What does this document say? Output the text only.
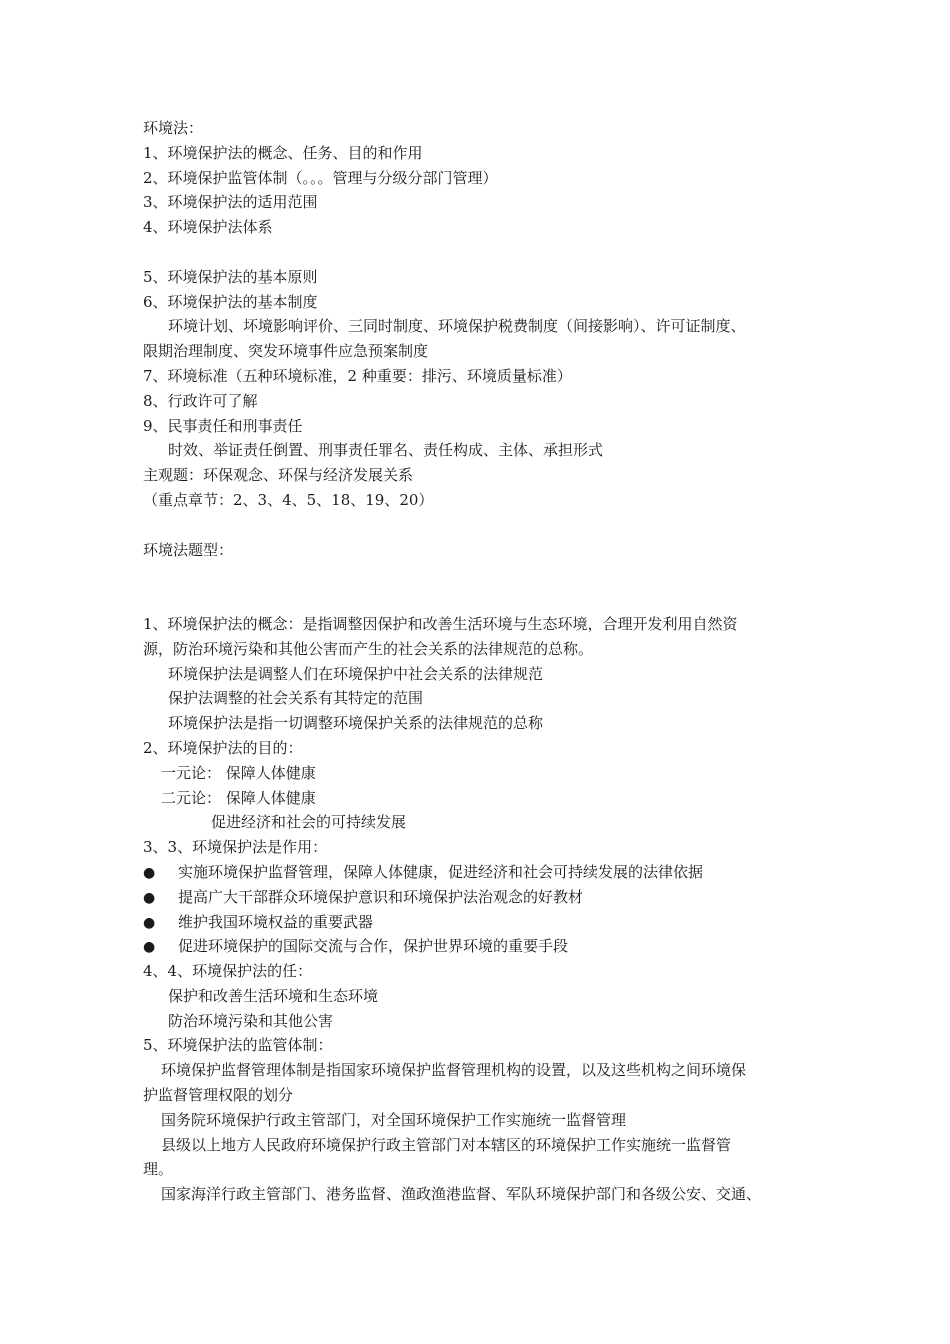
环境法：
1、环境保护法的概念、任务、目的和作用
2、环境保护监管体制（。。。管理与分级分部门管理）
3、环境保护法的适用范围
4、环境保护法体系
5、环境保护法的基本原则
6、环境保护法的基本制度
环境计划、坏境影响评价、三同时制度、环境保护税费制度（间接影响）、许可证制度、
限期治理制度、突发环境事件应急预案制度
7、环境标准（五种环境标准，2 种重要：排污、环境质量标准）
8、行政许可了解
9、民事责任和刑事责任
时效、举证责任倒置、刑事责任罪名、责任构成、主体、承担形式
主观题：环保观念、环保与经济发展关系
（重点章节：2、3、4、5、18、19、20）
环境法题型：
1、环境保护法的概念：是指调整因保护和改善生活环境与生态环境，合理开发利用自然资
源，防治环境污染和其他公害而产生的社会关系的法律规范的总称。
环境保护法是调整人们在环境保护中社会关系的法律规范
保护法调整的社会关系有其特定的范围
环境保护法是指一切调整环境保护关系的法律规范的总称
2、环境保护法的目的：
一元论： 保障人体健康
二元论： 保障人体健康
促进经济和社会的可持续发展
3、3、环境保护法是作用：
● 实施环境保护监督管理，保障人体健康，促进经济和社会可持续发展的法律依据
● 提高广大干部群众环境保护意识和环境保护法治观念的好教材
● 维护我国环境权益的重要武器
● 促进环境保护的国际交流与合作，保护世界环境的重要手段
4、4、环境保护法的任：
保护和改善生活环境和生态环境
防治环境污染和其他公害
5、环境保护法的监管体制：
环境保护监督管理体制是指国家环境保护监督管理机构的设置，以及这些机构之间环境保
护监督管理权限的划分
国务院环境保护行政主管部门，对全国环境保护工作实施统一监督管理
县级以上地方人民政府环境保护行政主管部门对本辖区的环境保护工作实施统一监督管
理。
国家海洋行政主管部门、港务监督、渔政渔港监督、军队环境保护部门和各级公安、交通、
